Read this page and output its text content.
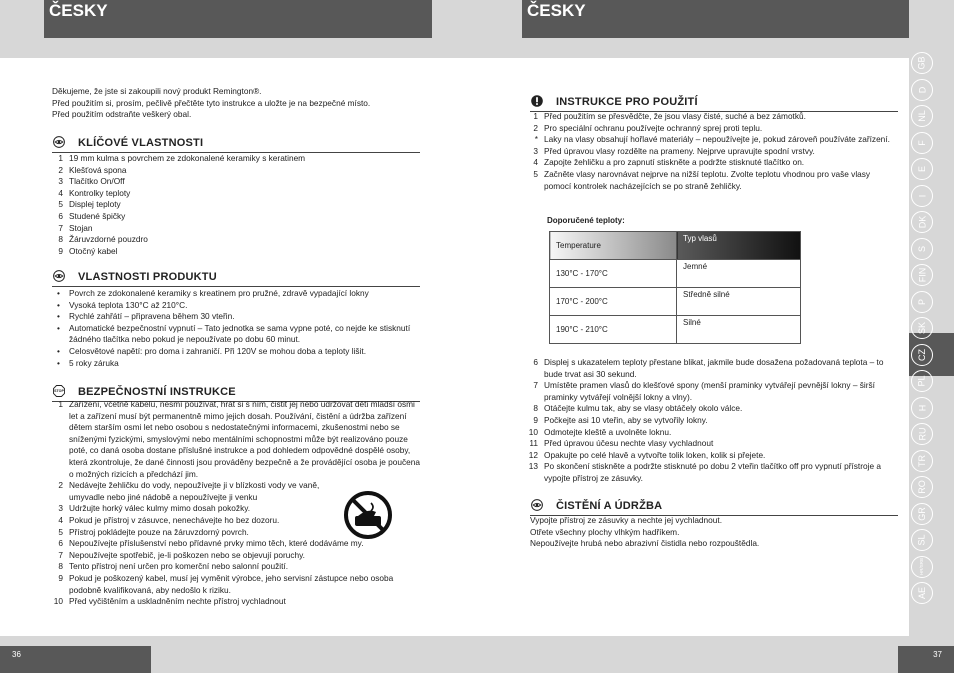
ČESKY
36
Děkujeme, že jste si zakoupili nový produkt Remington®.
Před použitím si, prosím, pečlivě přečtěte tyto instrukce a uložte je na bezpečné místo.
Před použitím odstraňte veškerý obal.
KLÍČOVÉ VLASTNOSTI
1 19 mm kulma s povrchem ze zdokonalené keramiky s keratinem
2 Klešťová spona
3 Tlačítko On/Off
4 Kontrolky teploty
5 Displej teploty
6 Studené špičky
7 Stojan
8 Žáruvzdorné pouzdro
9 Otočný kabel
VLASTNOSTI PRODUKTU
• Povrch ze zdokonalené keramiky s kreatinem pro pružné, zdravě vypadající lokny
• Vysoká teplota 130°C až 210°C.
• Rychlé zahřátí – připravena během 30 vteřin.
• Automatické bezpečnostní vypnutí – Tato jednotka se sama vypne poté, co nejde ke stisknutí žádného tlačítka nebo pokud je nepoužívate po dobu 60 minut.
• Celosvětové napětí: pro doma i zahraničí. Při 120V se mohou doba a teploty lišit.
• 5 roky záruka
STOP BEZPEČNOSTNÍ INSTRUKCE
1 Zařízení, včetně kabelu, nesmí používat, hrát si s ním, čistit jej nebo udržovat děti mladší osmi let a zařízení musí být permanentně mimo jejich dosah. Používání, čistění a údržba zařízení dětem starším osmi let nebo osobou s nedostatečnými informacemi, zkušenostmi nebo se sníženými fyzickými, smyslovými nebo mentálními schopnostmi může být realizováno pouze poté, co daná osoba dostane příslušné instrukce a pod dohledem odpovědné dospělé osoby, která zkontroluje, že dané činnosti jsou prováděny bezpečně a že provádějící osoba je poučena o možných rizicích a předchází jim.
2 Nedávejte žehličku do vody, nepoužívejte ji v blízkosti vody ve vaně, umyvadle nebo jiné nádobě a nepoužívejte ji venku
3 Udržujte horký válec kulmy mimo dosah pokožky.
4 Pokud je přístroj v zásuvce, nenechávejte ho bez dozoru.
5 Přístroj pokládejte pouze na žáruvzdorný povrch.
6 Nepoužívejte příslušenství nebo přídavné prvky mimo těch, které dodáváme my.
7 Nepoužívejte spotřebič, je-li poškozen nebo se objevují poruchy.
8 Tento přístroj není určen pro komerční nebo salonní použití.
9 Pokud je poškozený kabel, musí jej vyměnit výrobce, jeho servisní zástupce nebo osoba podobně kvalifikovaná, aby nedošlo k riziku.
10 Před vyčištěním a uskladněním nechte přístroj vychladnout
ČESKY
37
GB
D
NL
F
E
I
DK
S
FIN
P
SK
CZ
PL
H
RU
TR
RO
GR
SL
HR/SRB
AE
INSTRUKCE PRO POUŽITÍ
1 Před použitím se přesvědčte, že jsou vlasy čisté, suché a bez zámotků.
2 Pro speciální ochranu používejte ochranný sprej proti teplu.
* Laky na vlasy obsahují hořlavé materiály – nepoužívejte je, pokud zároveň používáte zařízení.
3 Před úpravou vlasy rozdělte na prameny. Nejprve upravujte spodní vrstvy.
4 Zapojte žehličku a pro zapnutí stiskněte a podržte stisknuté tlačítko on.
5 Začněte vlasy narovnávat nejprve na nižší teplotu. Zvolte teplotu vhodnou pro vaše vlasy pomocí kontrolek nacházejících se po straně žehličky.
Doporučené teploty:
Temperature	Typ vlasů
130°C - 170°C	Jemné
170°C - 200°C	Středně silné
190°C - 210°C	Silné
6 Displej s ukazatelem teploty přestane blikat, jakmile bude dosažena požadovaná teplota – to bude trvat asi 30 sekund.
7 Umístěte pramen vlasů do klešťové spony (menší praminky vytvářejí pevnější lokny – širší praminky vytvářejí volnější lokny a vlny).
8 Otáčejte kulmu tak, aby se vlasy obtáčely okolo válce.
9 Počkejte asi 10 vteřin, aby se vytvořily lokny.
10 Odmotejte kleště a uvolněte loknu.
11 Před úpravou účesu nechte vlasy vychladnout
12 Opakujte po celé hlavě a vytvořte tolik loken, kolik si přejete.
13 Po skončení stiskněte a podržte stisknuté po dobu 2 vteřin tlačítko off pro vypnutí přístroje a vypojte přístroj ze zásuvky.
ČISTĚNÍ A ÚDRŽBA
Vypojte přístroj ze zásuvky a nechte jej vychladnout.
Otřete všechny plochy vlhkým hadříkem.
Nepoužívejte hrubá nebo abrazivní čistidla nebo rozpouštědla.
